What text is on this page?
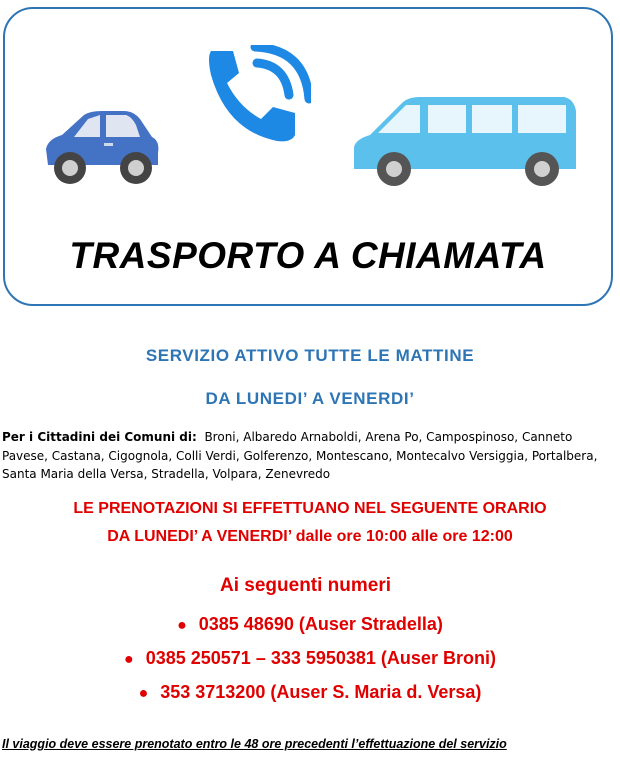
TRASPORTO A CHIAMATA
SERVIZIO ATTIVO TUTTE LE MATTINE
DA LUNEDI’ A VENERDI’
Per i Cittadini dei Comuni di: Broni, Albaredo Arnaboldi, Arena Po, Campospinoso, Canneto Pavese, Castana, Cigognola, Colli Verdi, Golferenzo, Montescano, Montecalvo Versiggia, Portalbera, Santa Maria della Versa, Stradella, Volpara, Zenevredo
LE PRENOTAZIONI SI EFFETTUANO NEL SEGUENTE ORARIO
DA LUNEDI’ A VENERDI’ dalle ore 10:00 alle ore 12:00
Ai seguenti numeri
● 0385 48690 (Auser Stradella)
● 0385 250571 – 333 5950381 (Auser Broni)
● 353 3713200 (Auser S. Maria d. Versa)
Il viaggio deve essere prenotato entro le 48 ore precedenti l’effettuazione del servizio
